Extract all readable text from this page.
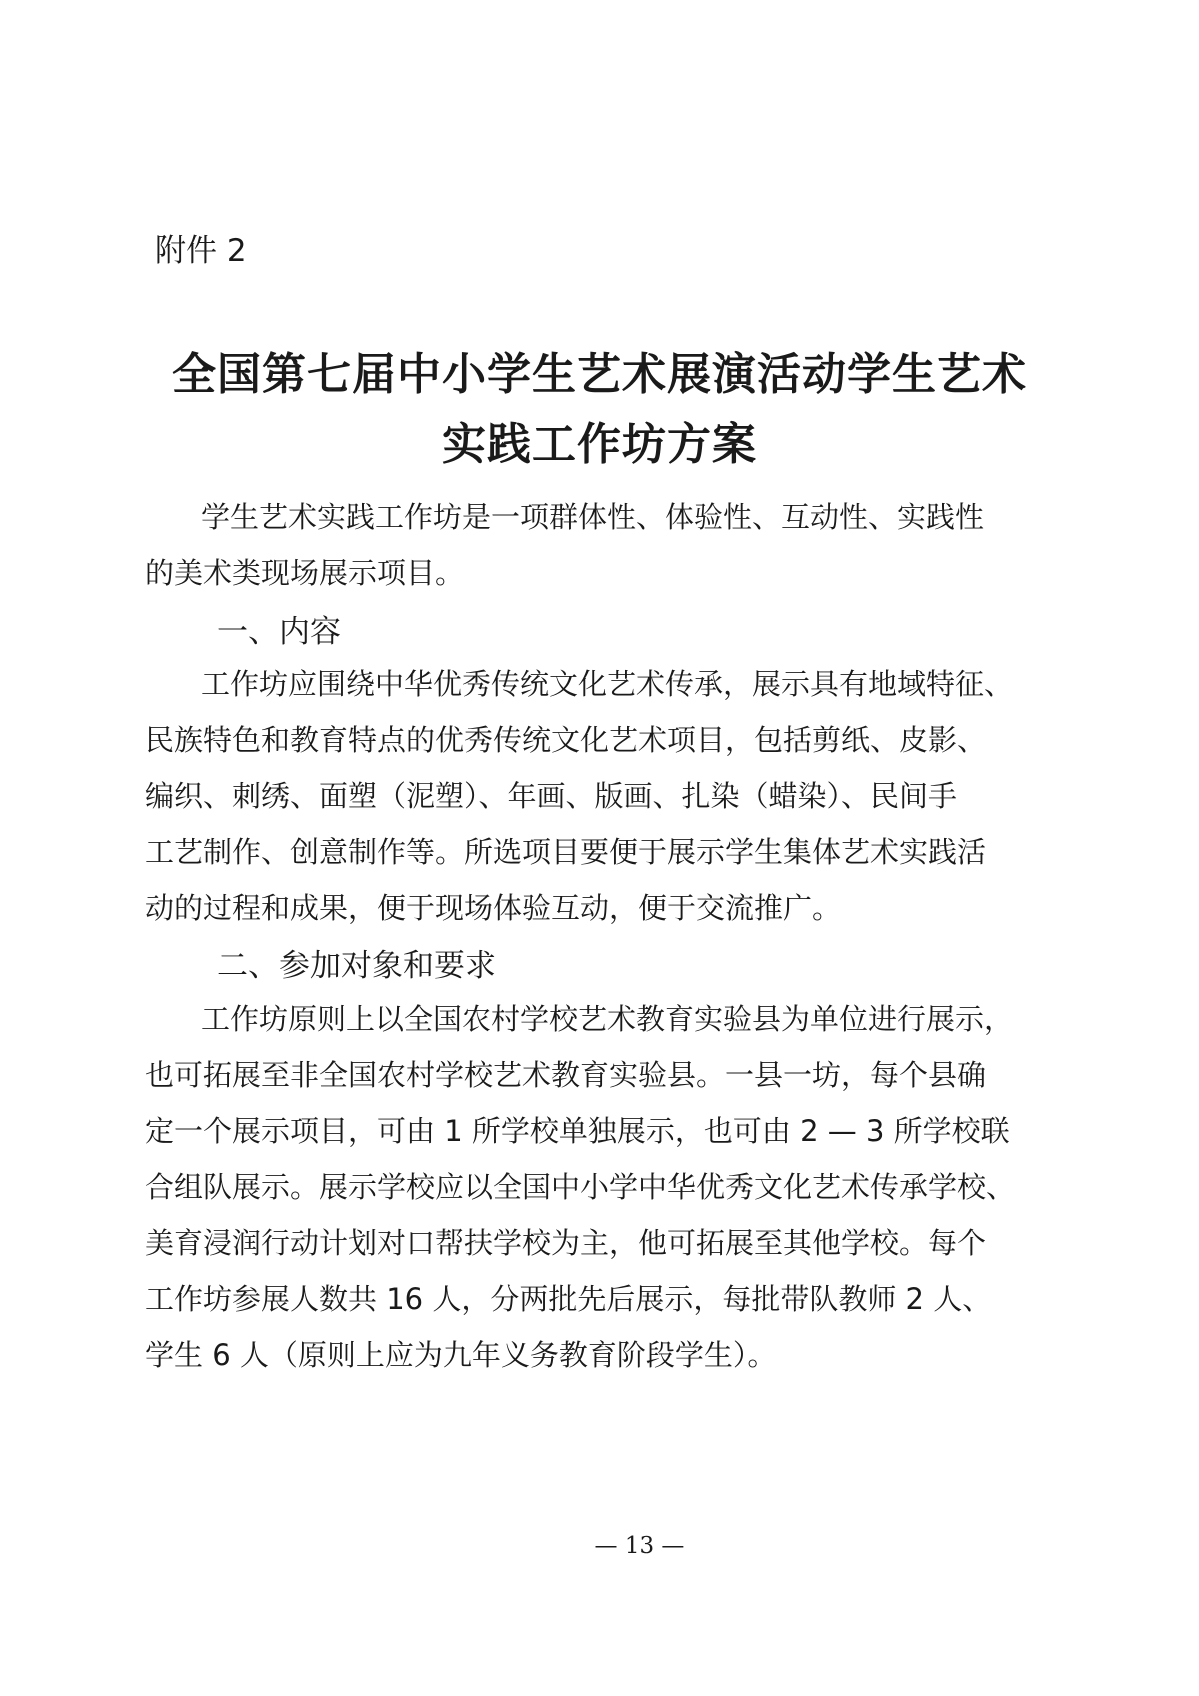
附件 2
全国第七届中小学生艺术展演活动学生艺术
实践工作坊方案
学生艺术实践工作坊是一项群体性、体验性、互动性、实践性
的美术类现场展示项目。
一、内容
工作坊应围绕中华优秀传统文化艺术传承，展示具有地域特征、
民族特色和教育特点的优秀传统文化艺术项目，包括剪纸、皮影、
编织、刺绣、面塑（泥塑）、年画、版画、扎染（蜡染）、民间手
工艺制作、创意制作等。所选项目要便于展示学生集体艺术实践活
动的过程和成果，便于现场体验互动，便于交流推广。
二、参加对象和要求
工作坊原则上以全国农村学校艺术教育实验县为单位进行展示，
也可拓展至非全国农村学校艺术教育实验县。一县一坊，每个县确
定一个展示项目，可由 1 所学校单独展示，也可由 2 — 3 所学校联
合组队展示。展示学校应以全国中小学中华优秀文化艺术传承学校、
美育浸润行动计划对口帮扶学校为主，他可拓展至其他学校。每个
工作坊参展人数共 16 人，分两批先后展示，每批带队教师 2 人、
学生 6 人（原则上应为九年义务教育阶段学生）。
— 13 —
